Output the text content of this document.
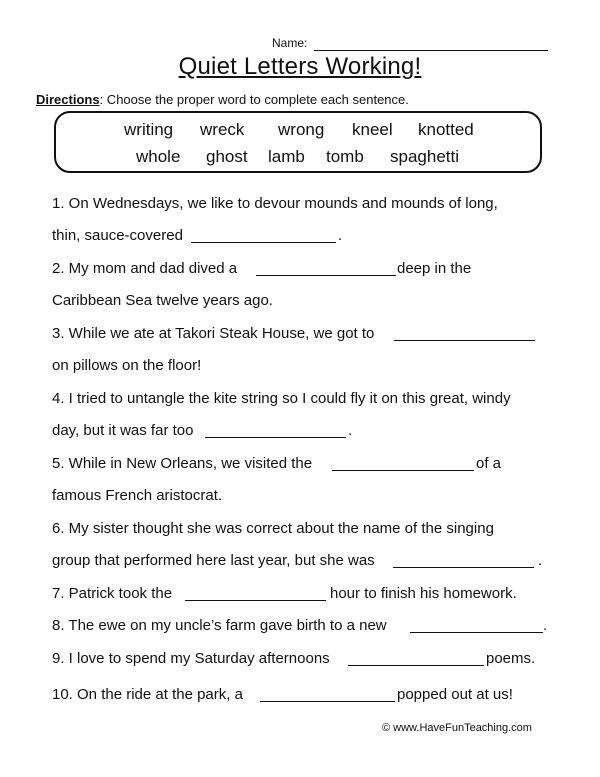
Name:
Quiet Letters Working!
Directions: Choose the proper word to complete each sentence.
writing wreck wrong kneel knotted
whole ghost lamb tomb spaghetti
1. On Wednesdays, we like to devour mounds and mounds of long,
thin, sauce-covered	.
2. My mom and dad dived a	deep in the
Caribbean Sea twelve years ago.
3. While we ate at Takori Steak House, we got to
on pillows on the floor!
4. I tried to untangle the kite string so I could fly it on this great, windy
day, but it was far too	.
5. While in New Orleans, we visited the	of a
famous French aristocrat.
6. My sister thought she was correct about the name of the singing
group that performed here last year, but she was	.
7. Patrick took the	hour to finish his homework.
8. The ewe on my uncle’s farm gave birth to a new	.
9. I love to spend my Saturday afternoons	poems.
10. On the ride at the park, a	popped out at us!
© www.HaveFunTeaching.com
